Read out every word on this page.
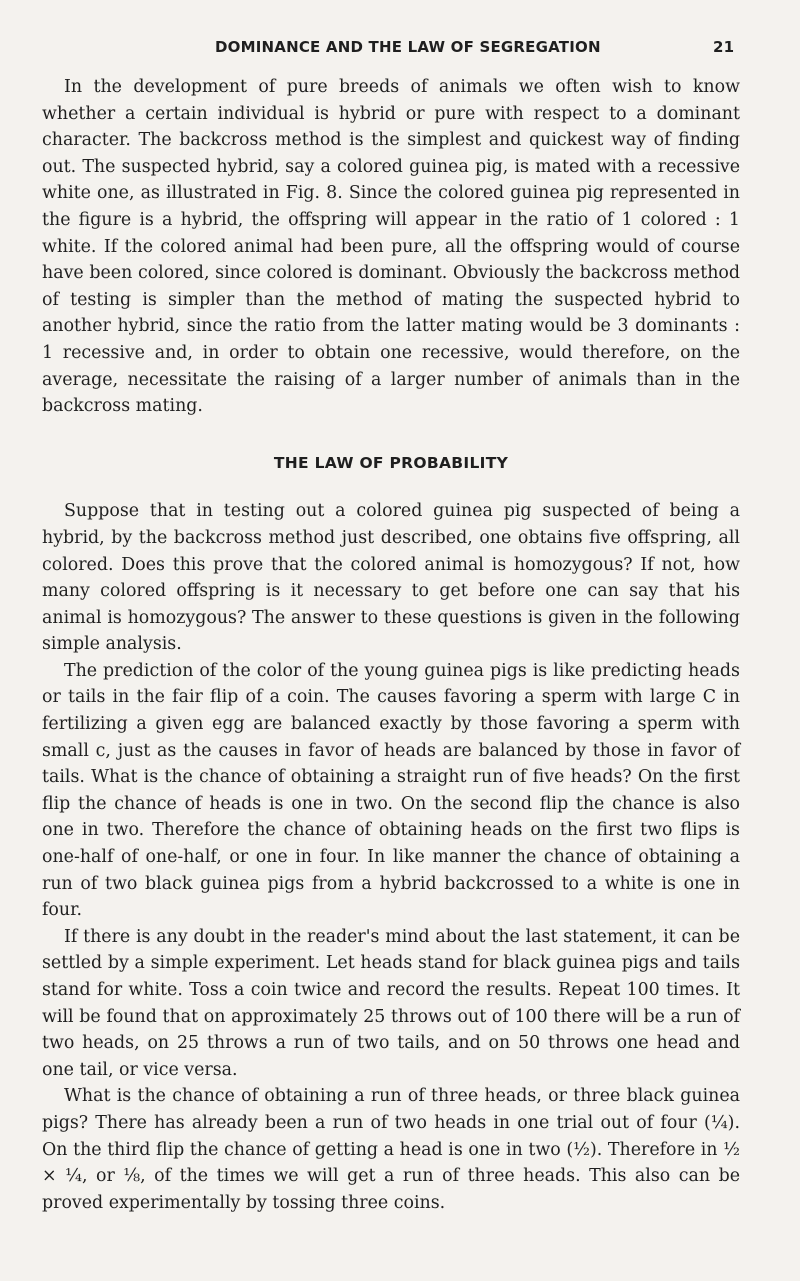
DOMINANCE AND THE LAW OF SEGREGATION	21

In the development of pure breeds of animals we often wish to know whether a certain individual is hybrid or pure with respect to a dominant character. The backcross method is the simplest and quickest way of finding out. The suspected hybrid, say a colored guinea pig, is mated with a recessive white one, as illustrated in Fig. 8. Since the colored guinea pig represented in the figure is a hybrid, the offspring will appear in the ratio of 1 colored : 1 white. If the colored animal had been pure, all the offspring would of course have been colored, since colored is dominant. Obviously the backcross method of testing is simpler than the method of mating the suspected hybrid to another hybrid, since the ratio from the latter mating would be 3 dominants : 1 recessive and, in order to obtain one recessive, would therefore, on the average, necessitate the raising of a larger number of animals than in the backcross mating.

THE LAW OF PROBABILITY

Suppose that in testing out a colored guinea pig suspected of being a hybrid, by the backcross method just described, one obtains five offspring, all colored. Does this prove that the colored animal is homozygous? If not, how many colored offspring is it necessary to get before one can say that his animal is homozygous? The answer to these questions is given in the following simple analysis.

The prediction of the color of the young guinea pigs is like predicting heads or tails in the fair flip of a coin. The causes favoring a sperm with large C in fertilizing a given egg are balanced exactly by those favoring a sperm with small c, just as the causes in favor of heads are balanced by those in favor of tails. What is the chance of obtaining a straight run of five heads? On the first flip the chance of heads is one in two. On the second flip the chance is also one in two. Therefore the chance of obtaining heads on the first two flips is one-half of one-half, or one in four. In like manner the chance of obtaining a run of two black guinea pigs from a hybrid backcrossed to a white is one in four.

If there is any doubt in the reader's mind about the last statement, it can be settled by a simple experiment. Let heads stand for black guinea pigs and tails stand for white. Toss a coin twice and record the results. Repeat 100 times. It will be found that on approximately 25 throws out of 100 there will be a run of two heads, on 25 throws a run of two tails, and on 50 throws one head and one tail, or vice versa.

What is the chance of obtaining a run of three heads, or three black guinea pigs? There has already been a run of two heads in one trial out of four (¼). On the third flip the chance of getting a head is one in two (½). Therefore in ½ × ¼, or ⅛, of the times we will get a run of three heads. This also can be proved experimentally by tossing three coins.
